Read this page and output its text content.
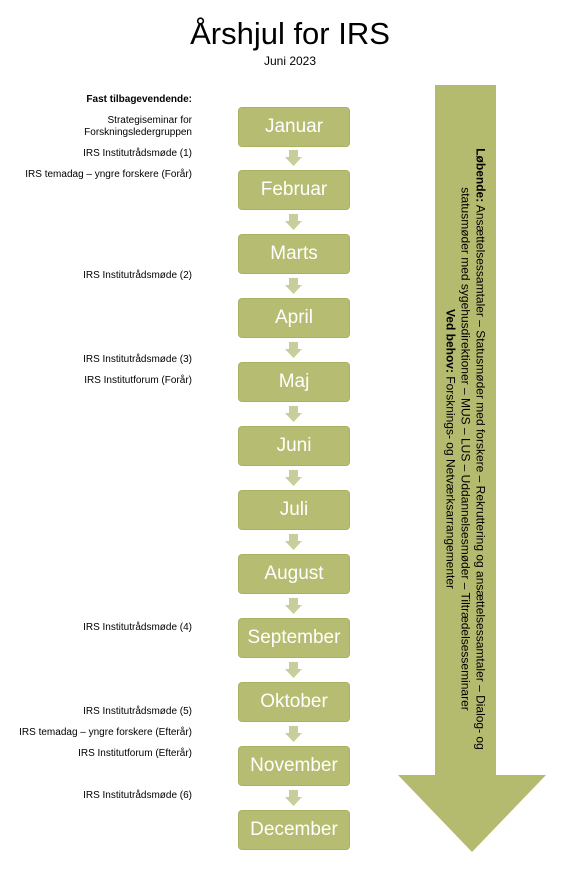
Årshjul for IRS
Juni 2023
Fast tilbagevendende:
Strategiseminar for
Forskningsledergruppen
IRS Institutrådsmøde (1)
IRS temadag – yngre forskere (Forår)
IRS Institutrådsmøde (2)
IRS Institutrådsmøde (3)
IRS Institutforum (Forår)
IRS Institutrådsmøde (4)
IRS Institutrådsmøde (5)
IRS temadag – yngre forskere (Efterår)
IRS Institutforum (Efterår)
IRS Institutrådsmøde (6)
Januar
Februar
Marts
April
Maj
Juni
Juli
August
September
Oktober
November
December
Løbende: Ansættelsessamtaler – Statusmøder med forskere – Rekruttering og ansættelsessamtaler – Dialog- og
statusmøder med sygehusdirektioner – MUS – LUS – Uddannelsesmøder – Tiltrædelsesseminarer
Ved behov: Forsknings- og Netværksarrangementer
